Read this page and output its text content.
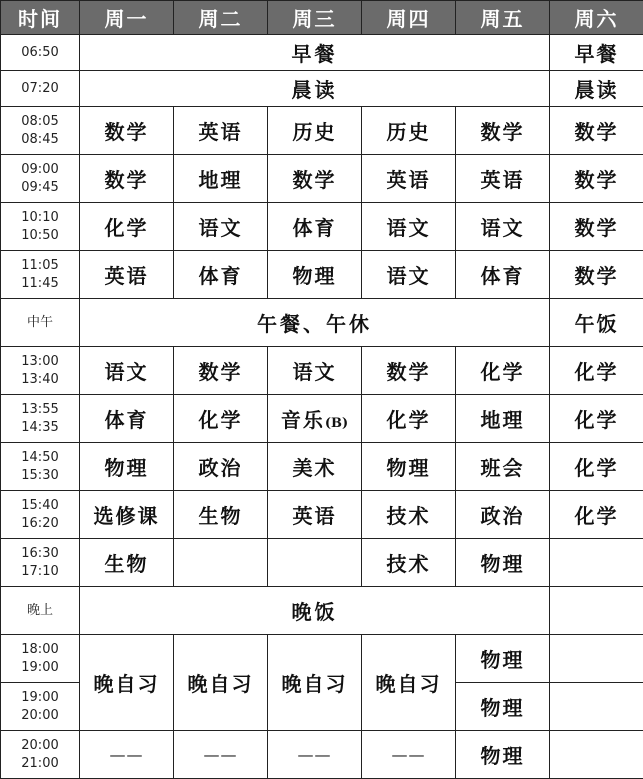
时间	周一	周二	周三	周四	周五	周六
06:50	早餐					早餐
07:20	晨读					晨读

08:05
08:45	数学	英语	历史	历史	数学	数学

09:00
09:45	数学	地理	数学	英语	英语	数学

10:10
10:50	化学	语文	体育	语文	语文	数学

11:05
11:45	英语	体育	物理	语文	体育	数学
中午	午餐、午休					午饭

13:00
13:40	语文	数学	语文	数学	化学	化学

13:55
14:35	体育	化学	音乐(B)	化学	地理	化学

14:50
15:30	物理	政治	美术	物理	班会	化学

15:40
16:20	选修课	生物	英语	技术	政治	化学

16:30
17:10	生物			技术	物理	
晚上	晚饭					

18:00
19:00	晚自习	晚自习	晚自习	晚自习	物理	

19:00
20:00					物理	

20:00
21:00	——	——	——	——	物理	
